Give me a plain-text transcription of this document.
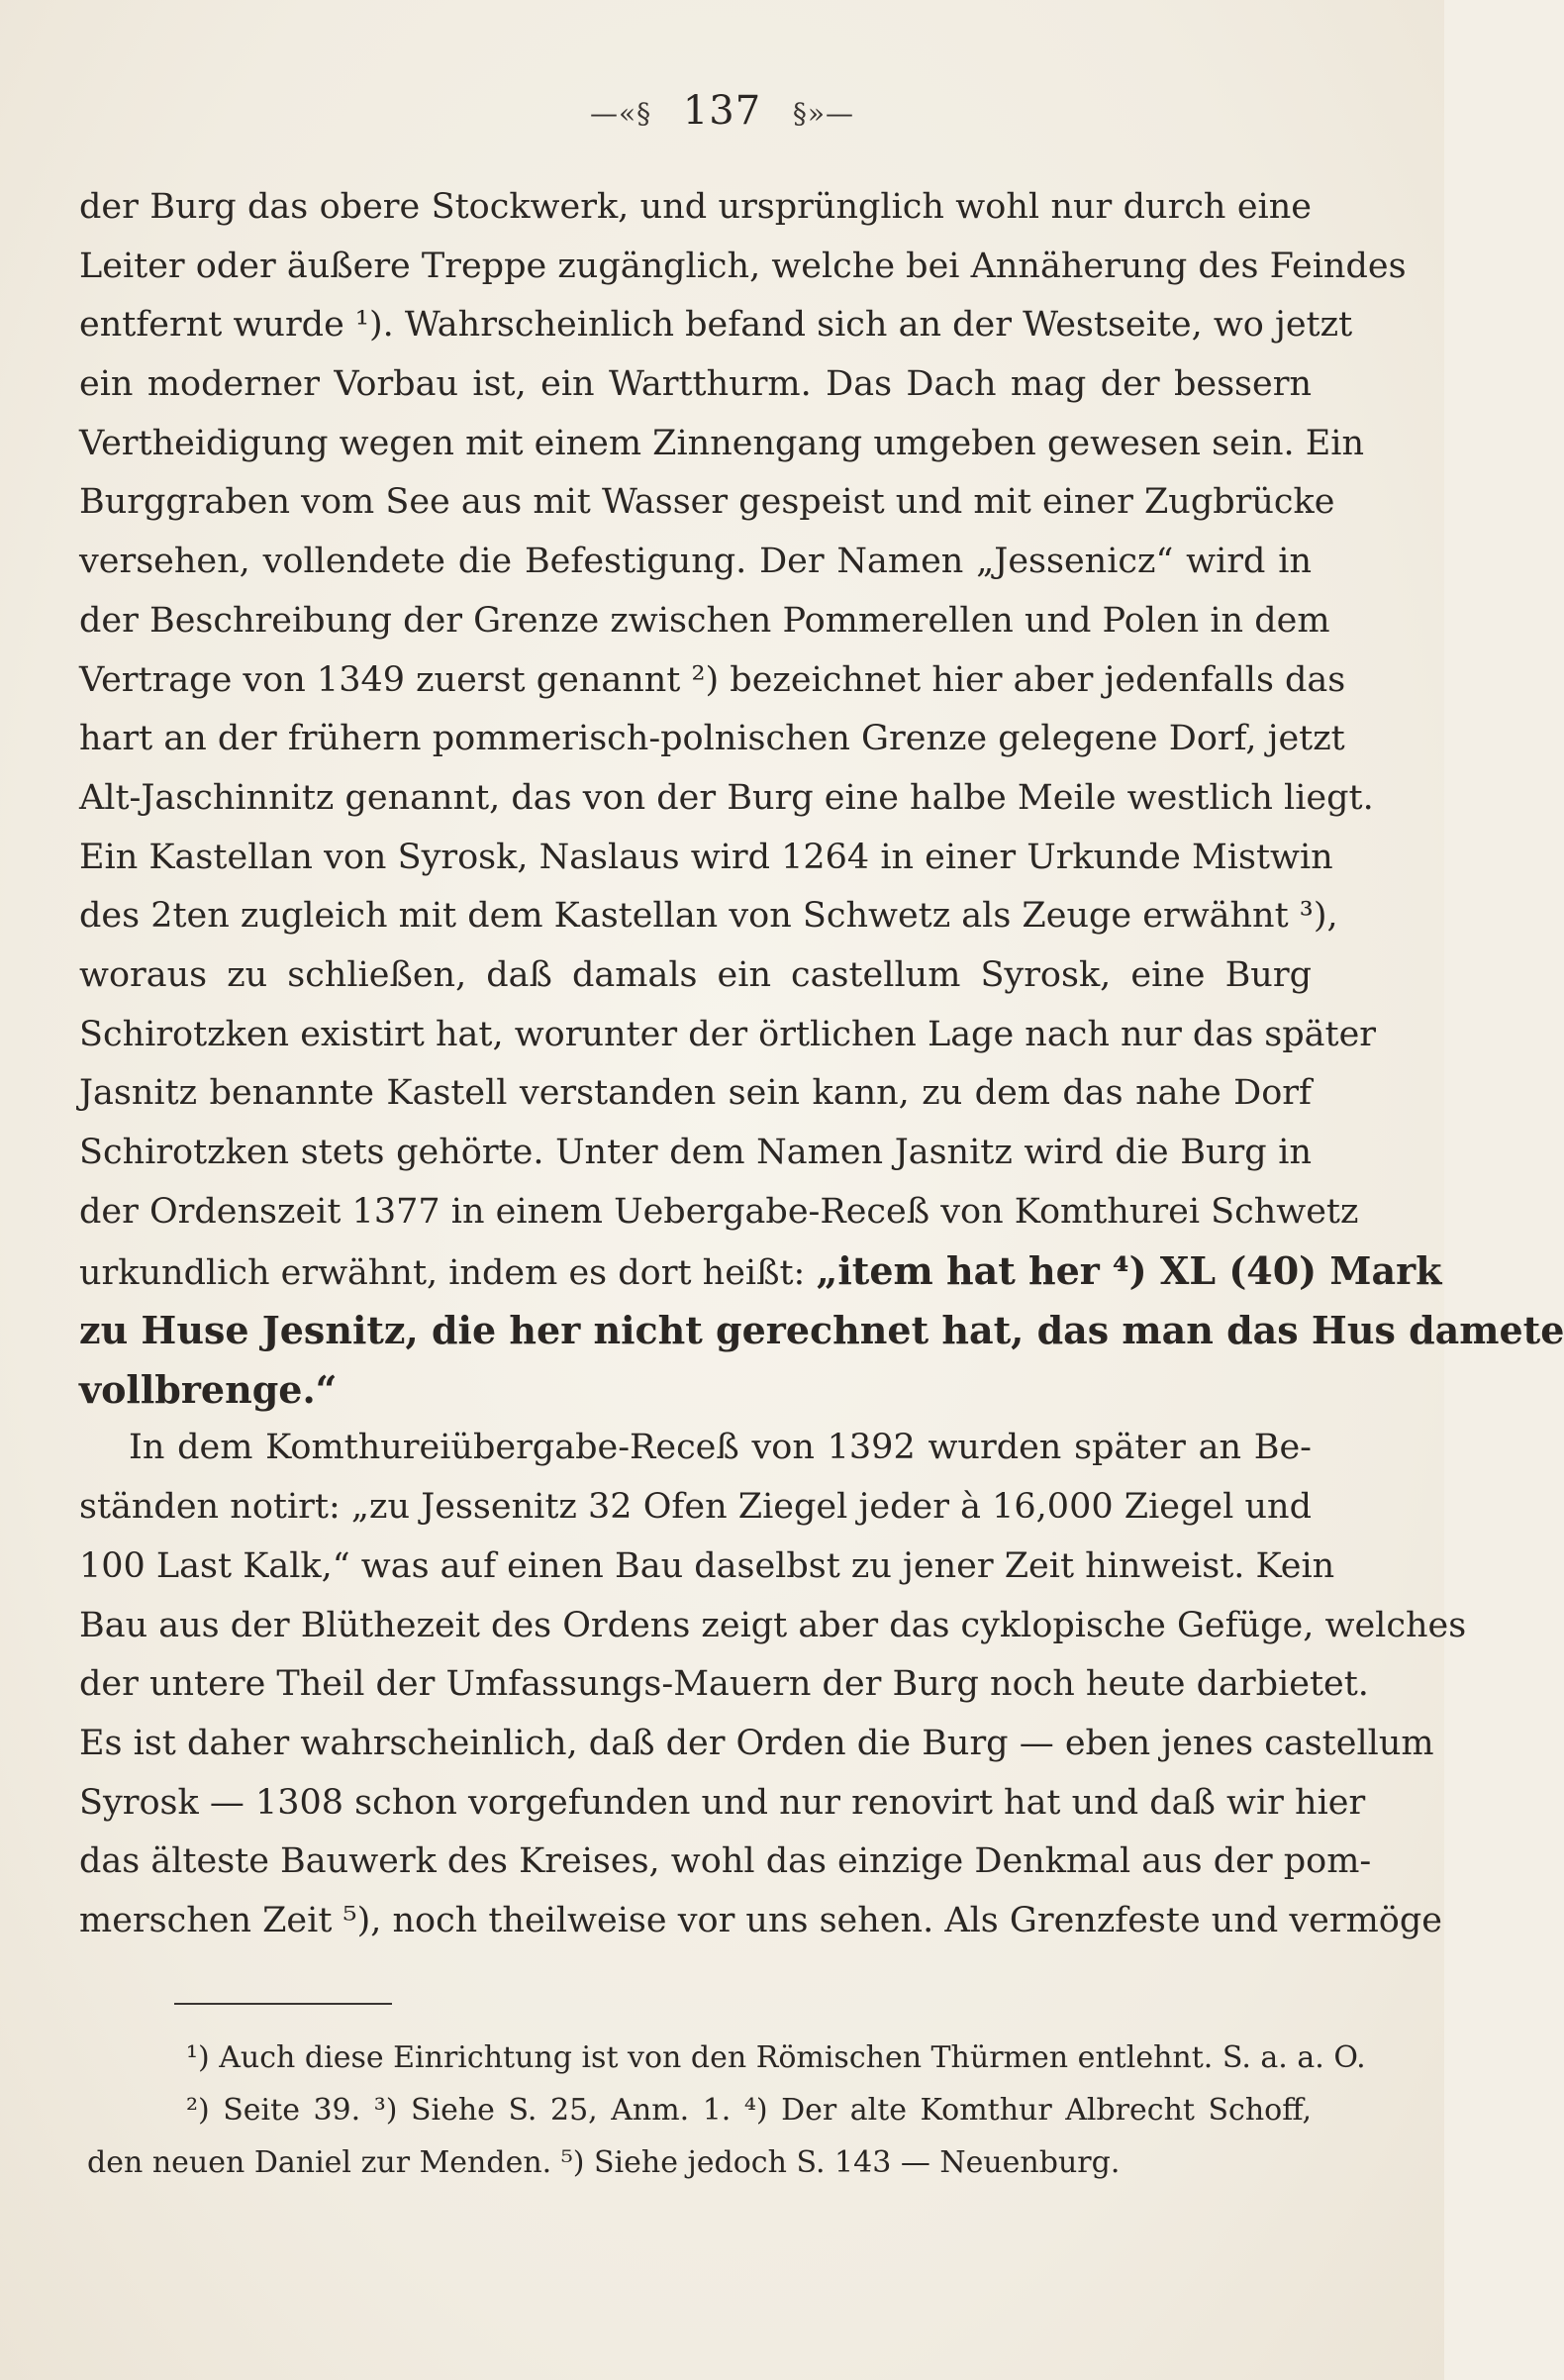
—«§ 137 §»—
der Burg das obere Stockwerk, und ursprünglich wohl nur durch eine
Leiter oder äußere Treppe zugänglich, welche bei Annäherung des Feindes
entfernt wurde ¹). Wahrscheinlich befand sich an der Westseite, wo jetzt
ein moderner Vorbau ist, ein Wartthurm. Das Dach mag der bessern
Vertheidigung wegen mit einem Zinnengang umgeben gewesen sein. Ein
Burggraben vom See aus mit Wasser gespeist und mit einer Zugbrücke
versehen, vollendete die Befestigung. Der Namen „Jessenicz“ wird in
der Beschreibung der Grenze zwischen Pommerellen und Polen in dem
Vertrage von 1349 zuerst genannt ²) bezeichnet hier aber jedenfalls das
hart an der frühern pommerisch-polnischen Grenze gelegene Dorf, jetzt
Alt-Jaschinnitz genannt, das von der Burg eine halbe Meile westlich liegt.
Ein Kastellan von Syrosk, Naslaus wird 1264 in einer Urkunde Mistwin
des 2ten zugleich mit dem Kastellan von Schwetz als Zeuge erwähnt ³),
woraus zu schließen, daß damals ein castellum Syrosk, eine Burg
Schirotzken existirt hat, worunter der örtlichen Lage nach nur das später
Jasnitz benannte Kastell verstanden sein kann, zu dem das nahe Dorf
Schirotzken stets gehörte. Unter dem Namen Jasnitz wird die Burg in
der Ordenszeit 1377 in einem Uebergabe-Receß von Komthurei Schwetz
urkundlich erwähnt, indem es dort heißt: „item hat her ⁴) XL (40) Mark
zu Huse Jesnitz, die her nicht gerechnet hat, das man das Hus damete
vollbrenge.“
In dem Komthureiübergabe-Receß von 1392 wurden später an Be-
ständen notirt: „zu Jessenitz 32 Ofen Ziegel jeder à 16,000 Ziegel und
100 Last Kalk,“ was auf einen Bau daselbst zu jener Zeit hinweist. Kein
Bau aus der Blüthezeit des Ordens zeigt aber das cyklopische Gefüge, welches
der untere Theil der Umfassungs-Mauern der Burg noch heute darbietet.
Es ist daher wahrscheinlich, daß der Orden die Burg — eben jenes castellum
Syrosk — 1308 schon vorgefunden und nur renovirt hat und daß wir hier
das älteste Bauwerk des Kreises, wohl das einzige Denkmal aus der pom-
merschen Zeit ⁵), noch theilweise vor uns sehen. Als Grenzfeste und vermöge
¹) Auch diese Einrichtung ist von den Römischen Thürmen entlehnt. S. a. a. O.
²) Seite 39. ³) Siehe S. 25, Anm. 1. ⁴) Der alte Komthur Albrecht Schoff,
den neuen Daniel zur Menden. ⁵) Siehe jedoch S. 143 — Neuenburg.
